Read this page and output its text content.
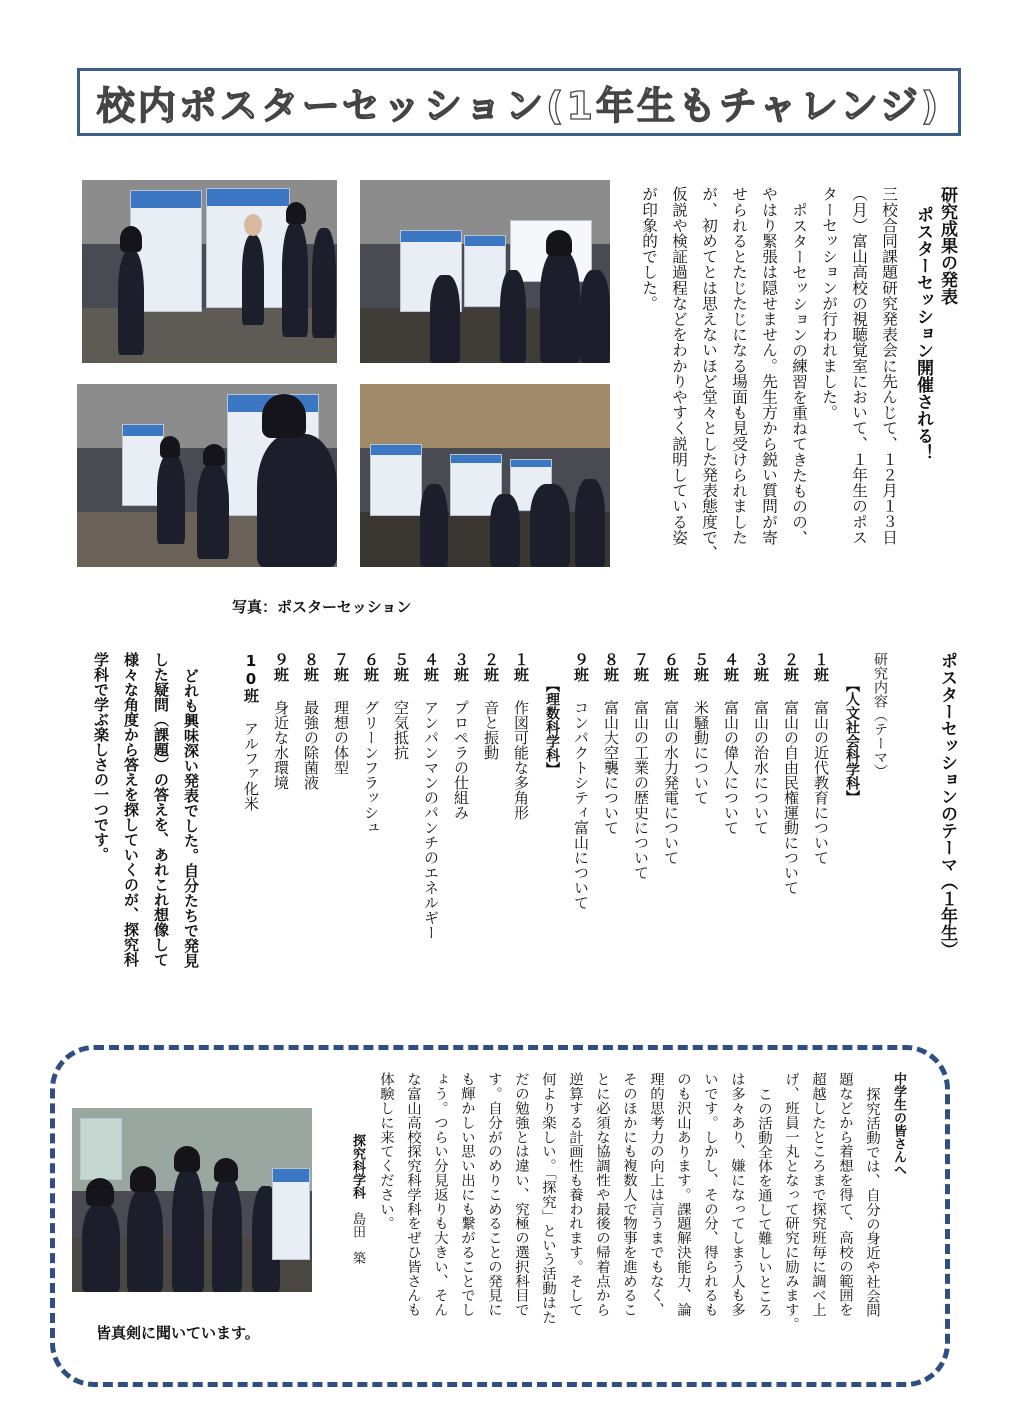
校内ポスターセッション(1年生もチャレンジ)
写真：ポスターセッション
研究成果の発表
ポスターセッション開催される！
三校合同課題研究発表会に先んじて、１２月１３日
（月）富山高校の視聴覚室において、１年生のポス
ターセッションが行われました。
ポスターセッションの練習を重ねてきたものの、
やはり緊張は隠せません。先生方から鋭い質問が寄
せられるとたじたじになる場面も見受けられました
が、初めてとは思えないほど堂々とした発表態度で、
仮説や検証過程などをわかりやすく説明している姿
が印象的でした。
ポスターセッションのテーマ（１年生）
研究内容（テーマ）
【人文社会科学科】
１班 富山の近代教育について
２班 富山の自由民権運動について
３班 富山の治水について
４班 富山の偉人について
５班 米騒動について
６班 富山の水力発電について
７班 富山の工業の歴史について
８班 富山大空襲について
９班 コンパクトシティ富山について
【理数科学科】
１班 作図可能な多角形
２班 音と振動
３班 プロペラの仕組み
４班 アンパンマンのパンチのエネルギー
５班 空気抵抗
６班 グリーンフラッシュ
７班 理想の体型
８班 最強の除菌液
９班 身近な水環境
10班 アルファ化米
どれも興味深い発表でした。自分たちで発見
した疑問（課題）の答えを、あれこれ想像して
様々な角度から答えを探していくのが、探究科
学科で学ぶ楽しさの一つです。
中学生の皆さんへ
探究活動では、自分の身近や社会問
題などから着想を得て、高校の範囲を
超越したところまで探究班毎に調べ上
げ、班員一丸となって研究に励みます。
この活動全体を通して難しいところ
は多々あり、嫌になってしまう人も多
いです。しかし、その分、得られるも
のも沢山あります。課題解決能力、論
理的思考力の向上は言うまでもなく、
そのほかにも複数人で物事を進めるこ
とに必須な協調性や最後の帰着点から
逆算する計画性も養われます。そして
何より楽しい。「探究」という活動はた
だの勉強とは違い、究極の選択科目で
す。自分がのめりこめることの発見に
も輝かしい思い出にも繋がることでし
ょう。つらい分見返りも大きい、そん
な富山高校探究科学科をぜひ皆さんも
体験しに来てください。
探究科学科　島田　築
皆真剣に聞いています。
